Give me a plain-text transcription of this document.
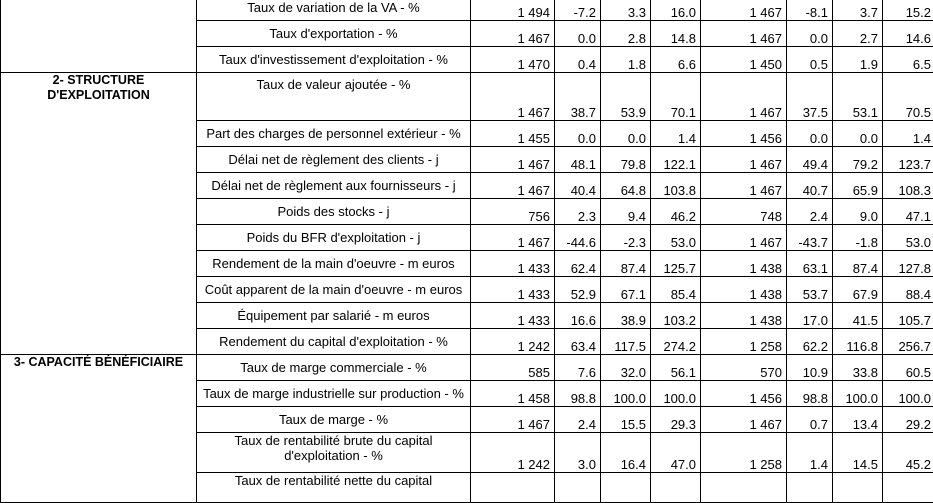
	Taux de variation de la VA - %	1 494	-7.2	3.3	16.0	1 467	-8.1	3.7	15.2
	Taux d'exportation - %	1 467	0.0	2.8	14.8	1 467	0.0	2.7	14.6
	Taux d'investissement d'exploitation - %	1 470	0.4	1.8	6.6	1 450	0.5	1.9	6.5
2- STRUCTURE D'EXPLOITATION	Taux de valeur ajoutée - %	1 467	38.7	53.9	70.1	1 467	37.5	53.1	70.5
	Part des charges de personnel extérieur - %	1 455	0.0	0.0	1.4	1 456	0.0	0.0	1.4
	Délai net de règlement des clients - j	1 467	48.1	79.8	122.1	1 467	49.4	79.2	123.7
	Délai net de règlement aux fournisseurs - j	1 467	40.4	64.8	103.8	1 467	40.7	65.9	108.3
	Poids des stocks - j	756	2.3	9.4	46.2	748	2.4	9.0	47.1
	Poids du BFR d'exploitation - j	1 467	-44.6	-2.3	53.0	1 467	-43.7	-1.8	53.0
	Rendement de la main d'oeuvre - m euros	1 433	62.4	87.4	125.7	1 438	63.1	87.4	127.8
	Coût apparent de la main d'oeuvre - m euros	1 433	52.9	67.1	85.4	1 438	53.7	67.9	88.4
	Équipement par salarié - m euros	1 433	16.6	38.9	103.2	1 438	17.0	41.5	105.7
	Rendement du capital d'exploitation - %	1 242	63.4	117.5	274.2	1 258	62.2	116.8	256.7
3- CAPACITÉ BÉNÉFICIAIRE	Taux de marge commerciale - %	585	7.6	32.0	56.1	570	10.9	33.8	60.5
	Taux de marge industrielle sur production - %	1 458	98.8	100.0	100.0	1 456	98.8	100.0	100.0
	Taux de marge - %	1 467	2.4	15.5	29.3	1 467	0.7	13.4	29.2
	Taux de rentabilité brute du capital d'exploitation - %	1 242	3.0	16.4	47.0	1 258	1.4	14.5	45.2
	Taux de rentabilité nette du capital								
